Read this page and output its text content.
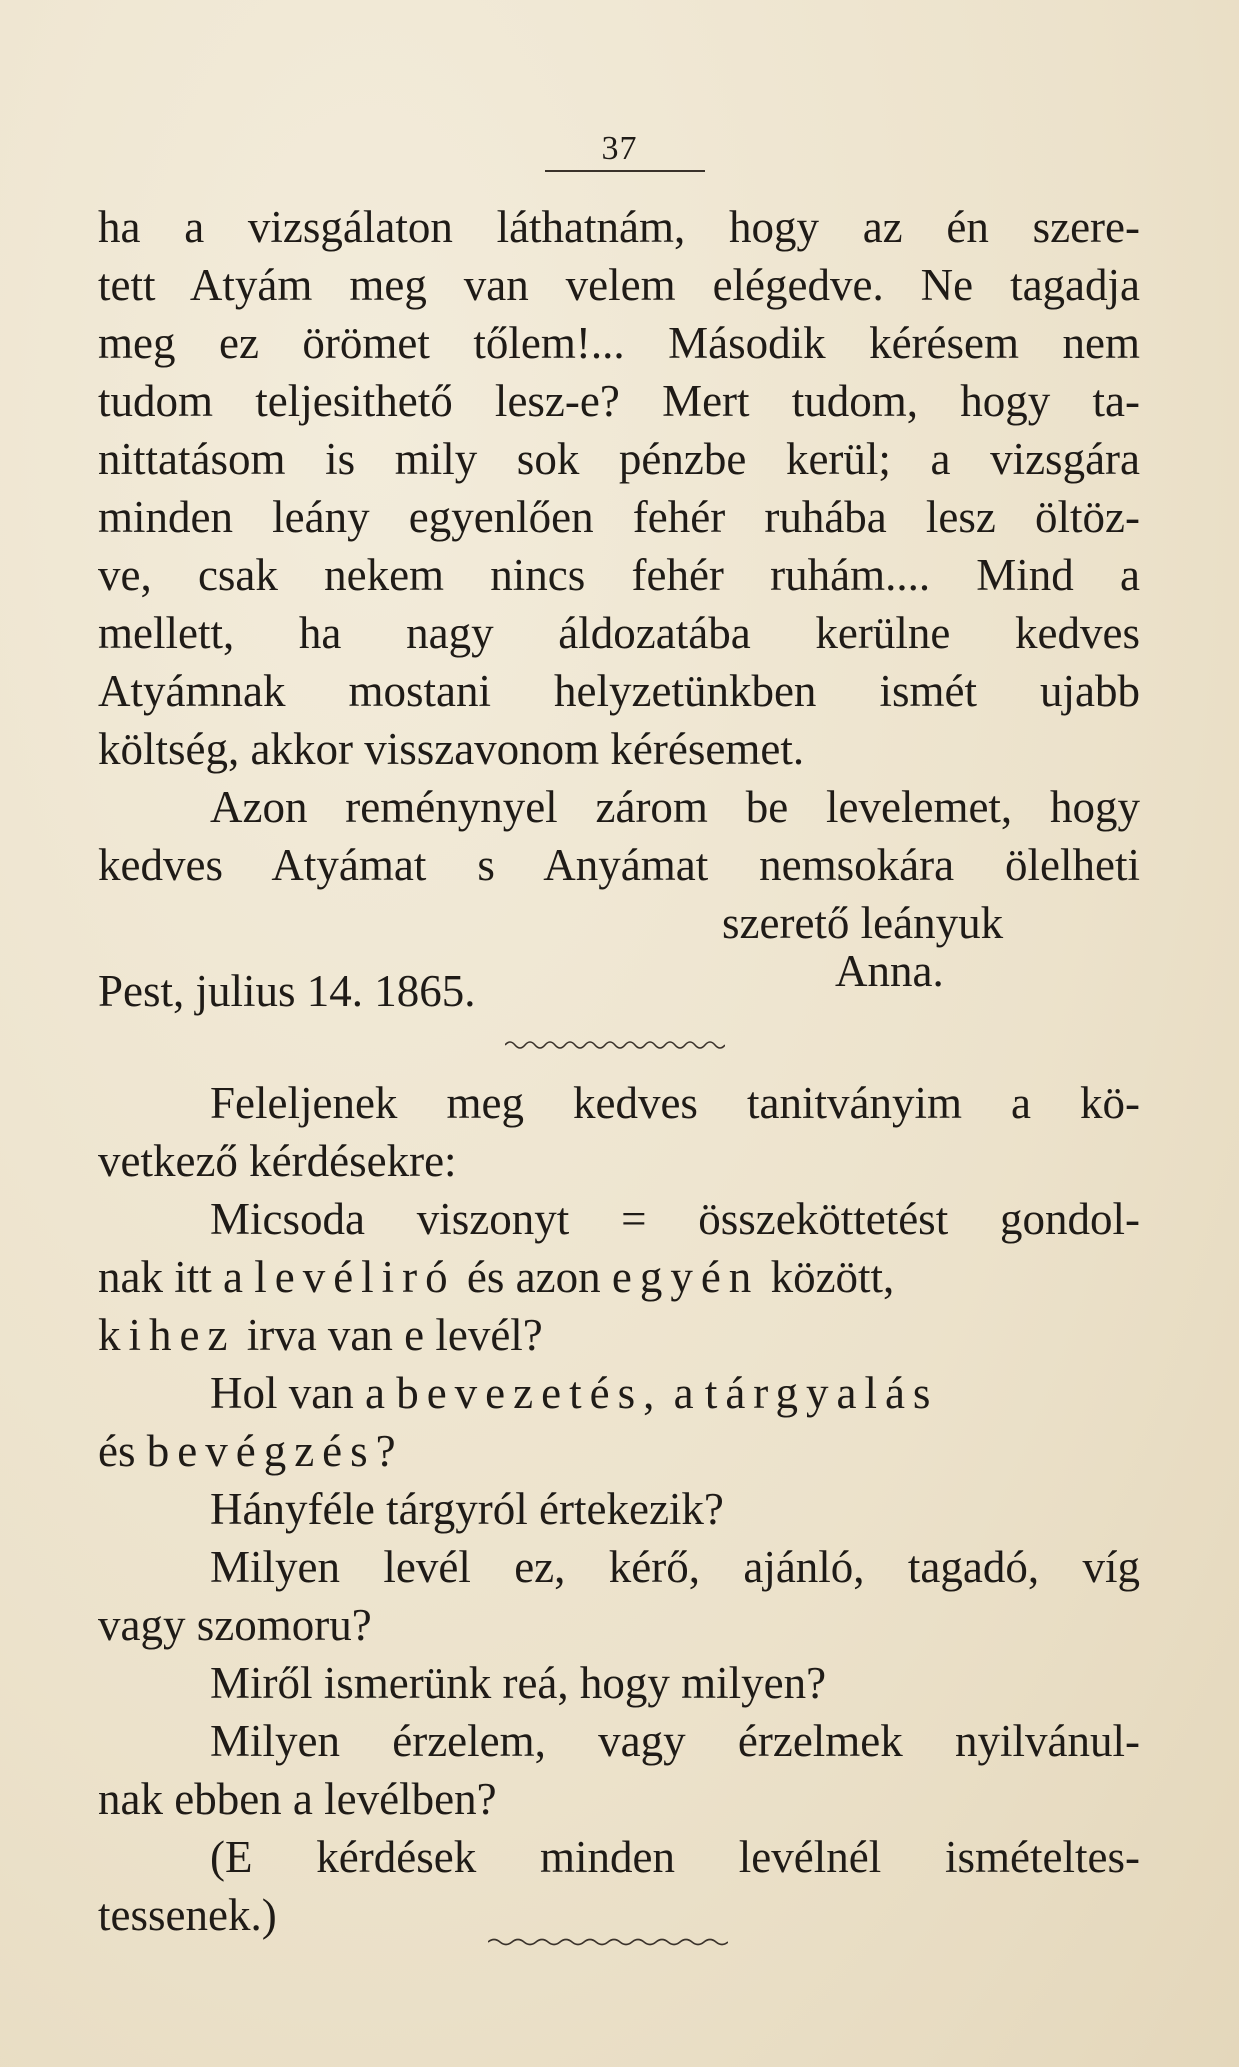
37
ha a vizsgálaton láthatnám, hogy az én szere-
tett Atyám meg van velem elégedve. Ne tagadja
meg ez örömet tőlem!... Második kérésem nem
tudom teljesithető lesz-e? Mert tudom, hogy ta-
nittatásom is mily sok pénzbe kerül; a vizsgára
minden leány egyenlően fehér ruhába lesz öltöz-
ve, csak nekem nincs fehér ruhám.... Mind a
mellett, ha nagy áldozatába kerülne kedves
Atyámnak mostani helyzetünkben ismét ujabb
költség, akkor visszavonom kérésemet.
Azon reménynyel zárom be levelemet, hogy
kedves Atyámat s Anyámat nemsokára ölelheti
szerető leányuk
Anna.
Pest, julius 14. 1865.
Feleljenek meg kedves tanitványim a kö-
vetkező kérdésekre:
Micsoda viszonyt = összeköttetést gondol-
nak itt a levéliró és azon egyén között,
kihez irva van e levél?
Hol van a bevezetés, a tárgyalás
és bevégzés?
Hányféle tárgyról értekezik?
Milyen levél ez, kérő, ajánló, tagadó, víg
vagy szomoru?
Miről ismerünk reá, hogy milyen?
Milyen érzelem, vagy érzelmek nyilvánul-
nak ebben a levélben?
(E kérdések minden levélnél ismételtes-
tessenek.)
